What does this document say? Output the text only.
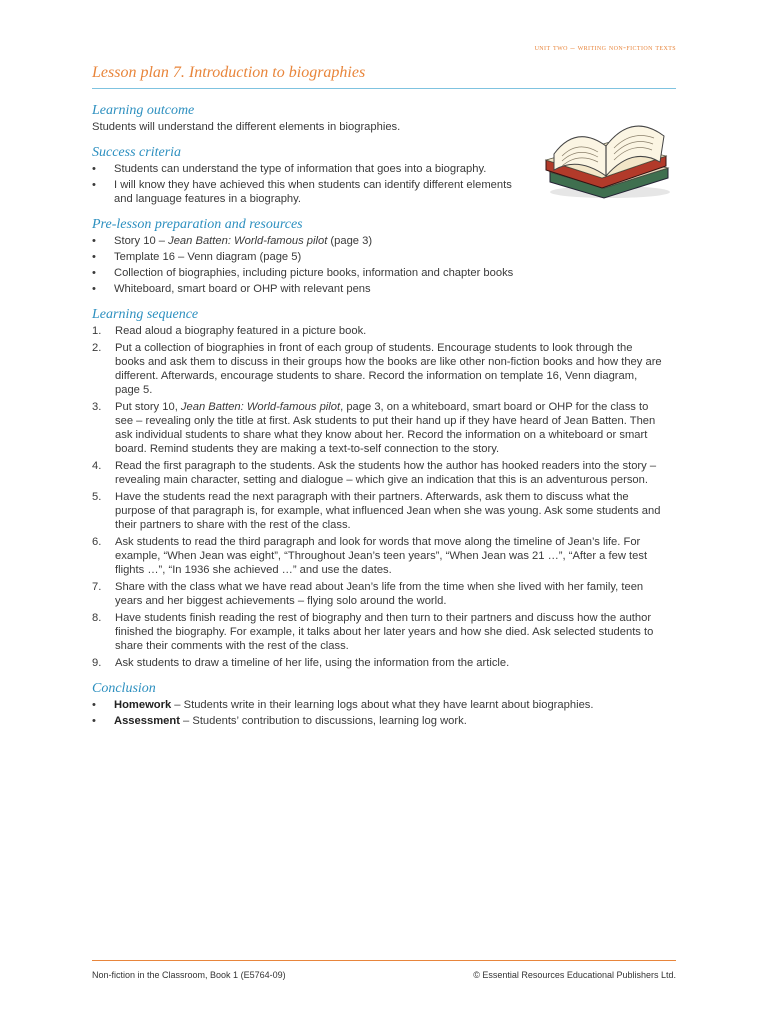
unit two – writing non-fiction texts
Lesson plan 7. Introduction to biographies
Learning outcome

Students will understand the different elements in biographies.

Success criteria
• Students can understand the type of information that goes into a biography.
• I will know they have achieved this when students can identify different elements and language features in a biography.
Pre-lesson preparation and resources
• Story 10 – Jean Batten: World-famous pilot (page 3)
• Template 16 – Venn diagram (page 5)
• Collection of biographies, including picture books, information and chapter books
• Whiteboard, smart board or OHP with relevant pens
Learning sequence
1. Read aloud a biography featured in a picture book.
2. Put a collection of biographies in front of each group of students. Encourage students to look through the books and ask them to discuss in their groups how the books are like other non-fiction books and how they are different. Afterwards, encourage students to share. Record the information on template 16, Venn diagram, page 5.
3. Put story 10, Jean Batten: World-famous pilot, page 3, on a whiteboard, smart board or OHP for the class to see – revealing only the title at first. Ask students to put their hand up if they have heard of Jean Batten. Then ask individual students to share what they know about her. Record the information on a whiteboard or smart board. Remind students they are making a text-to-self connection to the story.
4. Read the first paragraph to the students. Ask the students how the author has hooked readers into the story – revealing main character, setting and dialogue – which give an indication that this is an adventurous person.
5. Have the students read the next paragraph with their partners. Afterwards, ask them to discuss what the purpose of that paragraph is, for example, what influenced Jean when she was young. Ask some students and their partners to share with the rest of the class.
6. Ask students to read the third paragraph and look for words that move along the timeline of Jean’s life. For example, “When Jean was eight”, “Throughout Jean’s teen years”, “When Jean was 21 …”, “After a few test flights …”, “In 1936 she achieved …” and use the dates.
7. Share with the class what we have read about Jean’s life from the time when she lived with her family, teen years and her biggest achievements – flying solo around the world.
8. Have students finish reading the rest of biography and then turn to their partners and discuss how the author finished the biography. For example, it talks about her later years and how she died. Ask selected students to share their comments with the rest of the class.
9. Ask students to draw a timeline of her life, using the information from the article.
Conclusion
• Homework – Students write in their learning logs about what they have learnt about biographies.
• Assessment – Students’ contribution to discussions, learning log work.
Non-fiction in the Classroom, Book 1 (E5764-09)	© Essential Resources Educational Publishers Ltd.
